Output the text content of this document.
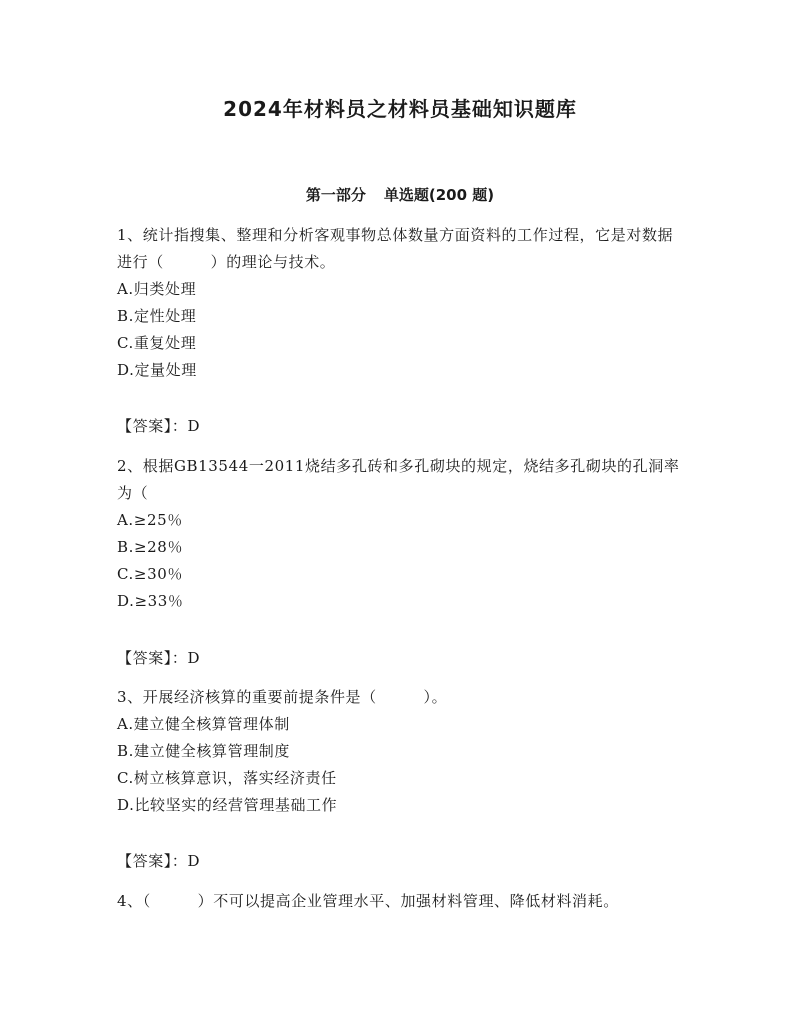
2024年材料员之材料员基础知识题库
第一部分 单选题(200 题)

1、统计指搜集、整理和分析客观事物总体数量方面资料的工作过程，它是对数据进行（　　　）的理论与技术。

A.归类处理

B.定性处理

C.重复处理

D.定量处理

【答案】：D

2、根据GB13544一2011烧结多孔砖和多孔砌块的规定，烧结多孔砌块的孔洞率为（

A.≥25％

B.≥28％

C.≥30％

D.≥33％

【答案】：D

3、开展经济核算的重要前提条件是（　　　）。

A.建立健全核算管理体制

B.建立健全核算管理制度

C.树立核算意识，落实经济责任

D.比较坚实的经营管理基础工作

【答案】：D

4、（　　　）不可以提高企业管理水平、加强材料管理、降低材料消耗。
